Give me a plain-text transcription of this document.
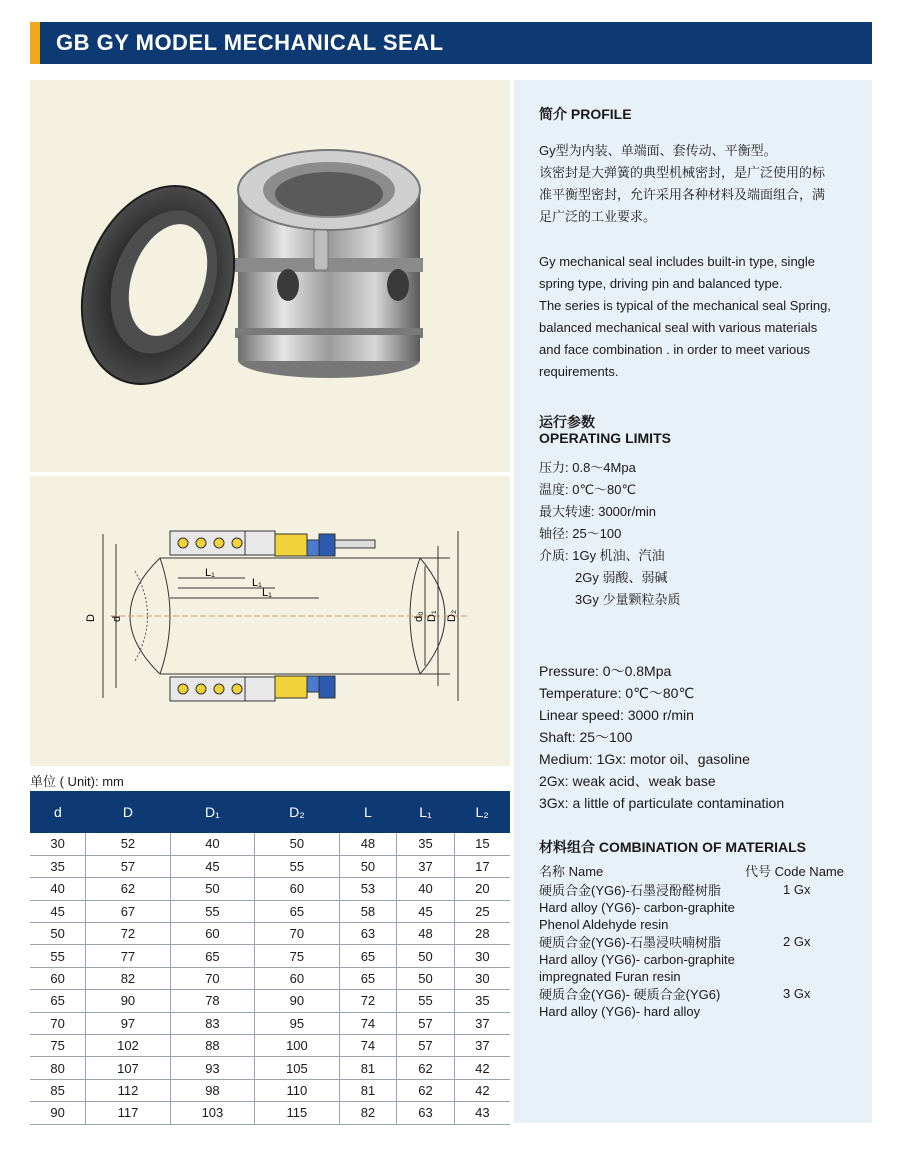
GB GY MODEL MECHANICAL SEAL
D d
L₁
L₁
L₁
d₀ D₁ D₂
单位 ( Unit): mm
d	D	D₁	D₂	L	L₁	L₂
30	52	40	50	48	35	15
35	57	45	55	50	37	17
40	62	50	60	53	40	20
45	67	55	65	58	45	25
50	72	60	70	63	48	28
55	77	65	75	65	50	30
60	82	70	60	65	50	30
65	90	78	90	72	55	35
70	97	83	95	74	57	37
75	102	88	100	74	57	37
80	107	93	105	81	62	42
85	112	98	110	81	62	42
90	117	103	115	82	63	43
简介 PROFILE
Gy型为内装、单端面、套传动、平衡型。
该密封是大弹簧的典型机械密封，是广泛使用的标
准平衡型密封，允许采用各种材料及端面组合，满
足广泛的工业要求。
Gy mechanical seal includes built-in type, single
spring type, driving pin and balanced type.
The series is typical of the mechanical seal Spring,
balanced mechanical seal with various materials
and face combination . in order to meet various
requirements.
运行参数
OPERATING LIMITS
压力: 0.8～4Mpa
温度: 0℃～80℃
最大转速: 3000r/min
轴径: 25～100
介质: 1Gy 机油、汽油
2Gy 弱酸、弱碱
3Gy 少量颗粒杂质
Pressure: 0～0.8Mpa
Temperature: 0℃～80℃
Linear speed: 3000 r/min
Shaft: 25～100
Medium: 1Gx: motor oil、gasoline
2Gx: weak acid、weak base
3Gx: a little of particulate contamination
材料组合 COMBINATION OF MATERIALS
名称 Name	代号 Code Name
硬质合金(YG6)-石墨浸酚醛树脂
Hard alloy (YG6)- carbon-graphite
Phenol Aldehyde resin
1 Gx
硬质合金(YG6)-石墨浸呋喃树脂
Hard alloy (YG6)- carbon-graphite
impregnated Furan resin
2 Gx
硬质合金(YG6)- 硬质合金(YG6)
Hard alloy (YG6)- hard alloy
3 Gx
